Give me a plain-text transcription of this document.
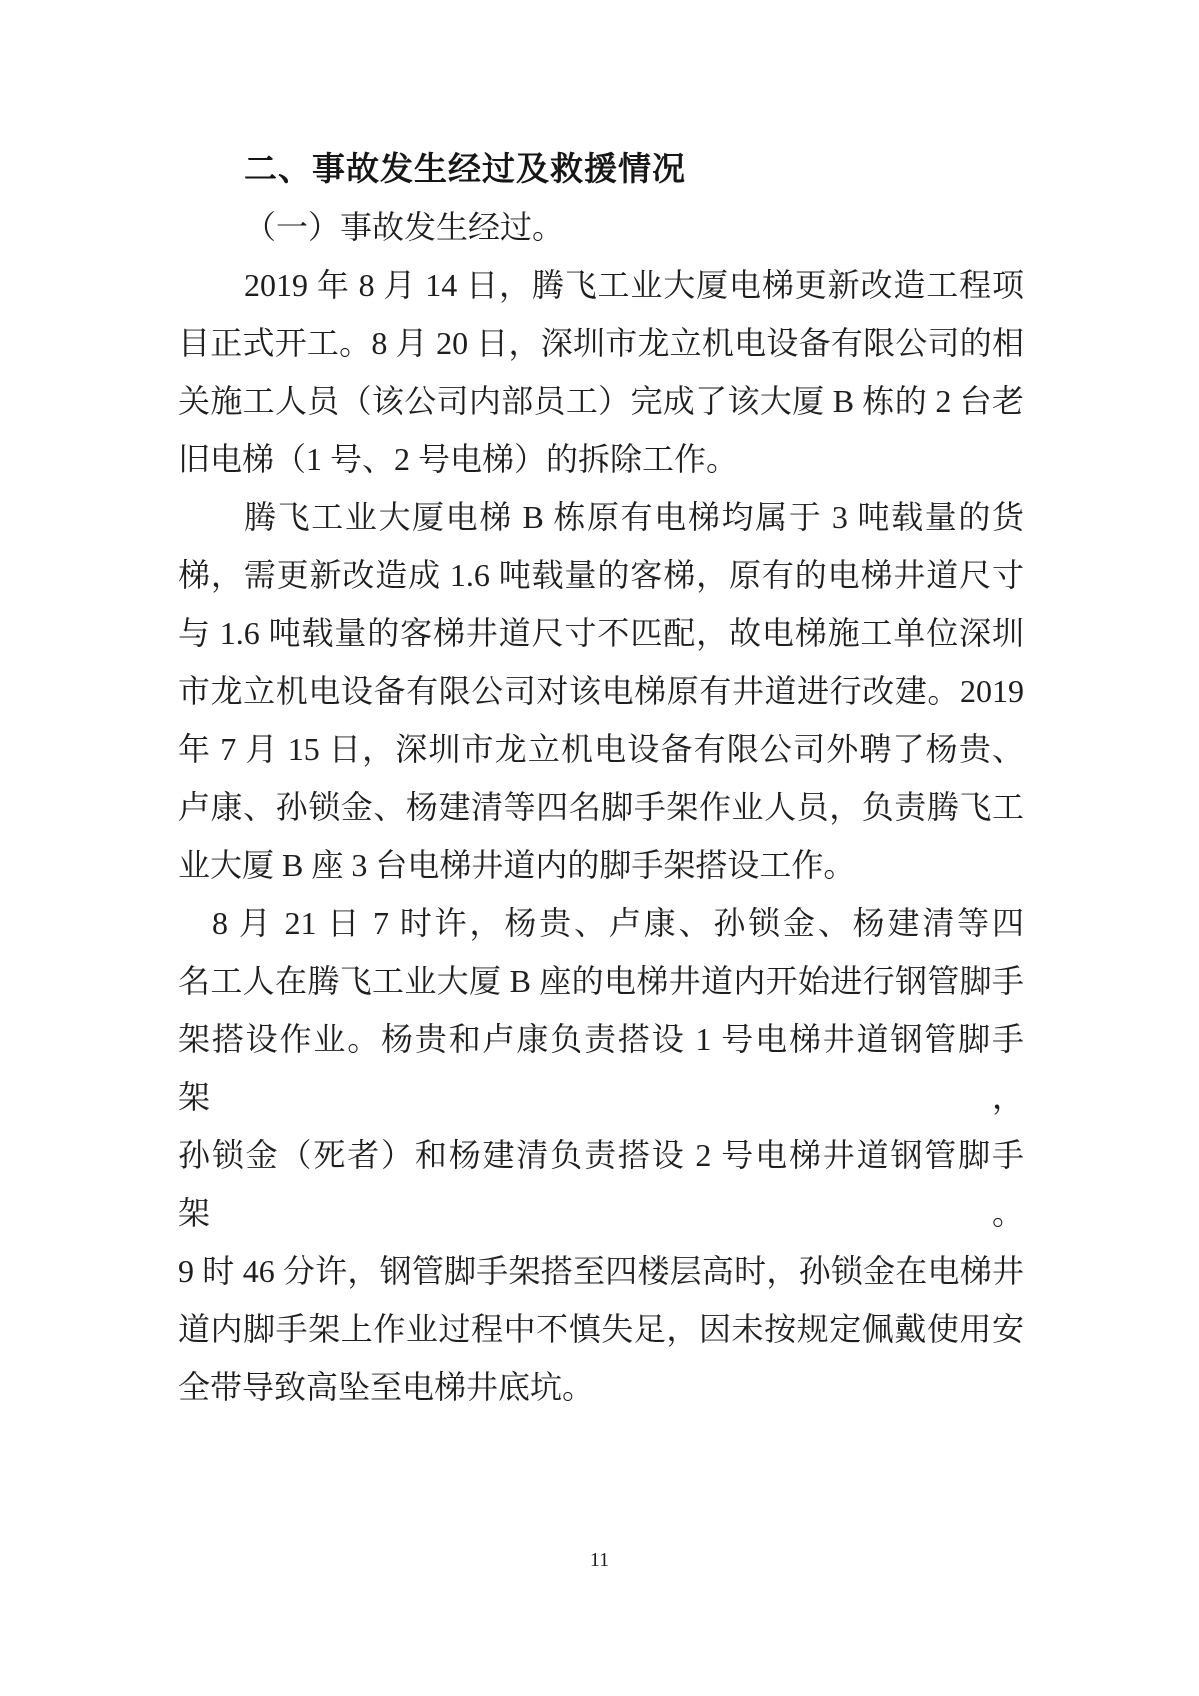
二、事故发生经过及救援情况
（一）事故发生经过。
2019 年 8 月 14 日，腾飞工业大厦电梯更新改造工程项
目正式开工。8 月 20 日，深圳市龙立机电设备有限公司的相
关施工人员（该公司内部员工）完成了该大厦 B 栋的 2 台老
旧电梯（1 号、2 号电梯）的拆除工作。
腾飞工业大厦电梯 B 栋原有电梯均属于 3 吨载量的货
梯，需更新改造成 1.6 吨载量的客梯，原有的电梯井道尺寸
与 1.6 吨载量的客梯井道尺寸不匹配，故电梯施工单位深圳
市龙立机电设备有限公司对该电梯原有井道进行改建。2019
年 7 月 15 日，深圳市龙立机电设备有限公司外聘了杨贵、
卢康、孙锁金、杨建清等四名脚手架作业人员，负责腾飞工
业大厦 B 座 3 台电梯井道内的脚手架搭设工作。
8 月 21 日 7 时许，杨贵、卢康、孙锁金、杨建清等四
名工人在腾飞工业大厦 B 座的电梯井道内开始进行钢管脚手
架搭设作业。杨贵和卢康负责搭设 1 号电梯井道钢管脚手架，
孙锁金（死者）和杨建清负责搭设 2 号电梯井道钢管脚手架。
9 时 46 分许，钢管脚手架搭至四楼层高时，孙锁金在电梯井
道内脚手架上作业过程中不慎失足，因未按规定佩戴使用安
全带导致高坠至电梯井底坑。
11
